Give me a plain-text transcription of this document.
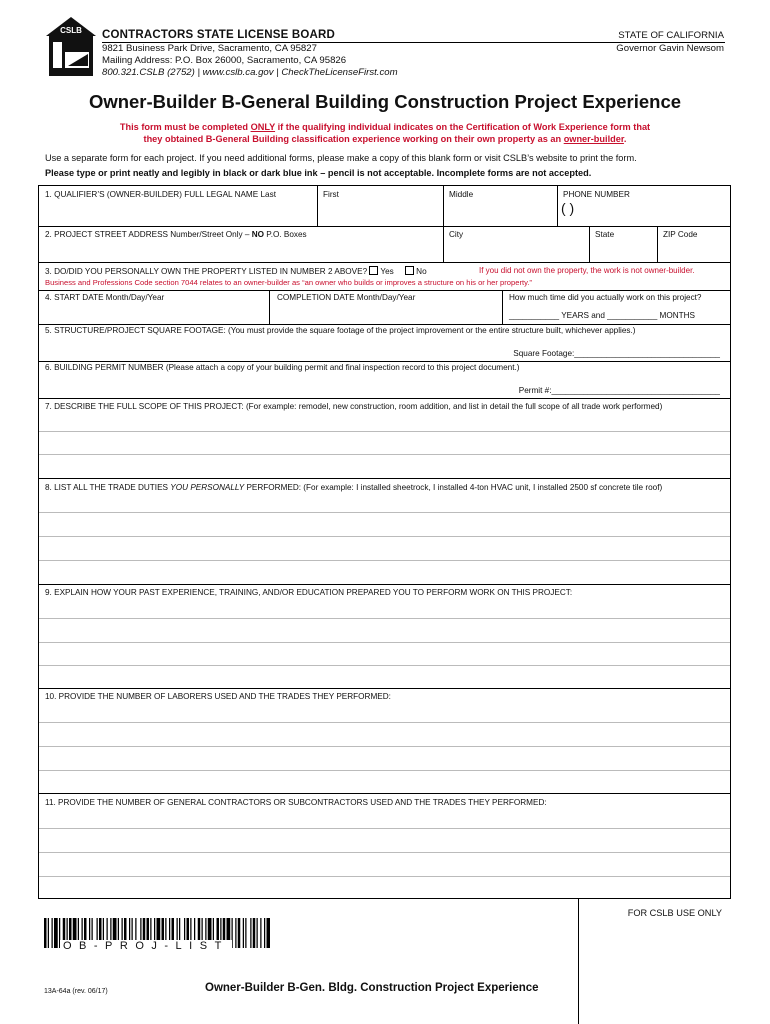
CSLB CONTRACTORS STATE LICENSE BOARD
9821 Business Park Drive, Sacramento, CA 95827
Mailing Address: P.O. Box 26000, Sacramento, CA 95826
800.321.CSLB (2752) | www.cslb.ca.gov | CheckTheLicenseFirst.com
STATE OF CALIFORNIA
Governor Gavin Newsom
Owner-Builder B-General Building Construction Project Experience
This form must be completed ONLY if the qualifying individual indicates on the Certification of Work Experience form that
they obtained B-General Building classification experience working on their own property as an owner-builder.
Use a separate form for each project. If you need additional forms, please make a copy of this blank form or visit CSLB’s website to print the form.
Please type or print neatly and legibly in black or dark blue ink – pencil is not acceptable. Incomplete forms are not accepted.
1. QUALIFIER’S (OWNER-BUILDER) FULL LEGAL NAME Last	First	Middle	PHONE NUMBER
( )
2. PROJECT STREET ADDRESS Number/Street Only – NO P.O. Boxes	City	State	ZIP Code
3. DO/DID YOU PERSONALLY OWN THE PROPERTY LISTED IN NUMBER 2 ABOVE? Yes	No	If you did not own the property, the work is not owner-builder.
Business and Professions Code section 7044 relates to an owner-builder as “an owner who builds or improves a structure on his or her property.”
4. START DATE Month/Day/Year	COMPLETION DATE Month/Day/Year	How much time did you actually work on this project?
___________ YEARS and ___________ MONTHS
5. STRUCTURE/PROJECT SQUARE FOOTAGE: (You must provide the square footage of the project improvement or the entire structure built, whichever applies.)
Square Footage:________________________________
6. BUILDING PERMIT NUMBER (Please attach a copy of your building permit and final inspection record to this project document.)
Permit #:_____________________________________
7. DESCRIBE THE FULL SCOPE OF THIS PROJECT: (For example: remodel, new construction, room addition, and list in detail the full scope of all trade work performed)
8. LIST ALL THE TRADE DUTIES YOU PERSONALLY PERFORMED: (For example: I installed sheetrock, I installed 4-ton HVAC unit, I installed 2500 sf concrete tile roof)
9. EXPLAIN HOW YOUR PAST EXPERIENCE, TRAINING, AND/OR EDUCATION PREPARED YOU TO PERFORM WORK ON THIS PROJECT:
10. PROVIDE THE NUMBER OF LABORERS USED AND THE TRADES THEY PERFORMED:
11. PROVIDE THE NUMBER OF GENERAL CONTRACTORS OR SUBCONTRACTORS USED AND THE TRADES THEY PERFORMED:
OB-PROJ-LIST
13A-64a (rev. 06/17)	Owner-Builder B-Gen. Bldg. Construction Project Experience
FOR CSLB USE ONLY
